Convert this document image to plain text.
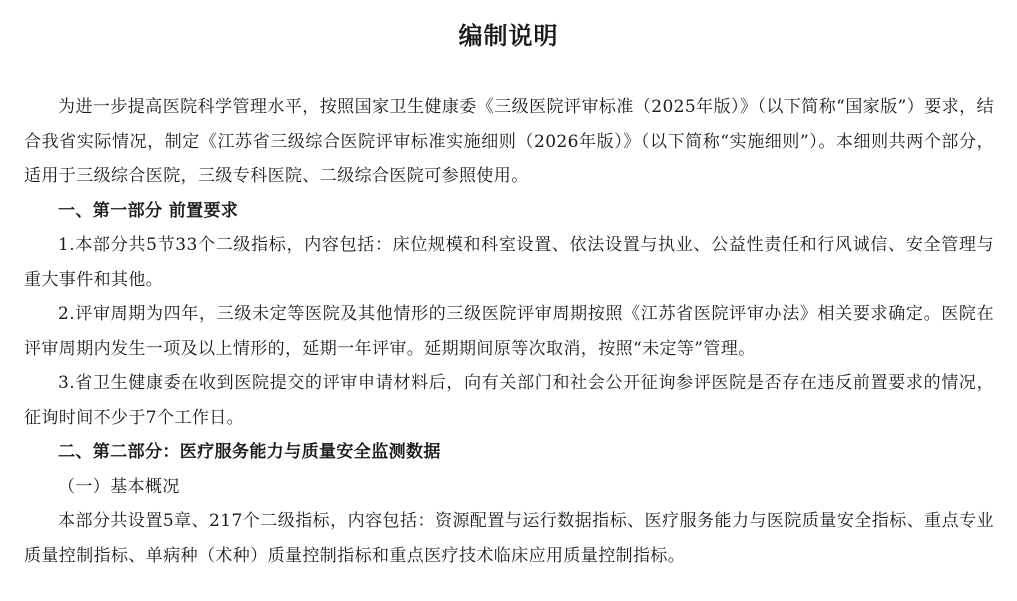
编制说明

为进一步提高医院科学管理水平，按照国家卫生健康委《三级医院评审标准（2025年版）》（以下简称“国家版”）要求，结合我省实际情况，制定《江苏省三级综合医院评审标准实施细则（2026年版）》（以下简称“实施细则”）。本细则共两个部分，适用于三级综合医院，三级专科医院、二级综合医院可参照使用。

一、第一部分 前置要求

1.本部分共5节33个二级指标，内容包括：床位规模和科室设置、依法设置与执业、公益性责任和行风诚信、安全管理与重大事件和其他。

2.评审周期为四年，三级未定等医院及其他情形的三级医院评审周期按照《江苏省医院评审办法》相关要求确定。医院在评审周期内发生一项及以上情形的，延期一年评审。延期期间原等次取消，按照“未定等”管理。

3.省卫生健康委在收到医院提交的评审申请材料后，向有关部门和社会公开征询参评医院是否存在违反前置要求的情况，征询时间不少于7个工作日。

二、第二部分：医疗服务能力与质量安全监测数据

（一）基本概况

本部分共设置5章、217个二级指标，内容包括：资源配置与运行数据指标、医疗服务能力与医院质量安全指标、重点专业质量控制指标、单病种（术种）质量控制指标和重点医疗技术临床应用质量控制指标。
